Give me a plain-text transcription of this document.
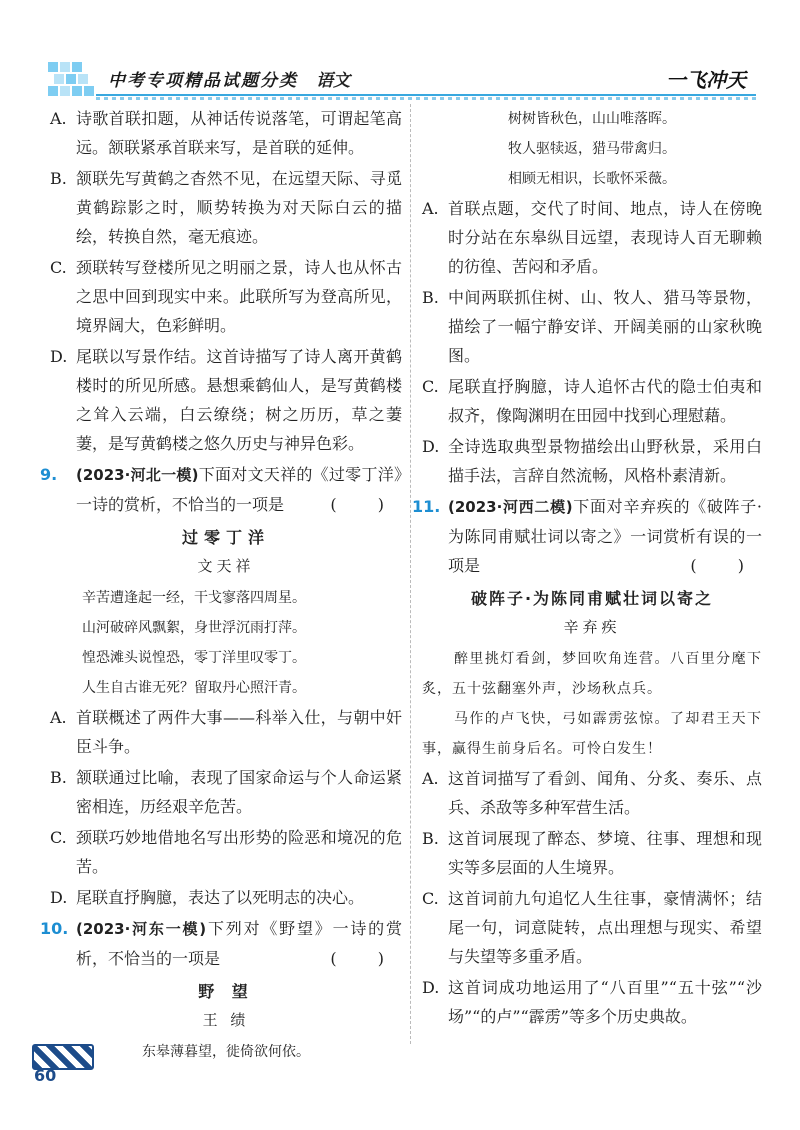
中考专项精品试题分类 语文	一飞冲天
A. 诗歌首联扣题，从神话传说落笔，可谓起笔高远。颔联紧承首联来写，是首联的延伸。
B. 颔联先写黄鹤之杳然不见，在远望天际、寻觅黄鹤踪影之时，顺势转换为对天际白云的描绘，转换自然，毫无痕迹。
C. 颈联转写登楼所见之明丽之景，诗人也从怀古之思中回到现实中来。此联所写为登高所见，境界阔大，色彩鲜明。
D. 尾联以写景作结。这首诗描写了诗人离开黄鹤楼时的所见所感。悬想乘鹤仙人，是写黄鹤楼之耸入云端，白云缭绕；树之历历，草之萋萋，是写黄鹤楼之悠久历史与神异色彩。
9. (2023·河北一模)下面对文天祥的《过零丁洋》一诗的赏析，不恰当的一项是	( )
过零丁洋
文天祥
辛苦遭逢起一经，干戈寥落四周星。
山河破碎风飘絮，身世浮沉雨打萍。
惶恐滩头说惶恐，零丁洋里叹零丁。
人生自古谁无死？留取丹心照汗青。
A. 首联概述了两件大事——科举入仕，与朝中奸臣斗争。
B. 颔联通过比喻，表现了国家命运与个人命运紧密相连，历经艰辛危苦。
C. 颈联巧妙地借地名写出形势的险恶和境况的危苦。
D. 尾联直抒胸臆，表达了以死明志的决心。
10. (2023·河东一模)下列对《野望》一诗的赏析，不恰当的一项是	( )
野 望
王 绩
东皋薄暮望，徙倚欲何依。
树树皆秋色，山山唯落晖。
牧人驱犊返，猎马带禽归。
相顾无相识，长歌怀采薇。
A. 首联点题，交代了时间、地点，诗人在傍晚时分站在东皋纵目远望，表现诗人百无聊赖的彷徨、苦闷和矛盾。
B. 中间两联抓住树、山、牧人、猎马等景物，描绘了一幅宁静安详、开阔美丽的山家秋晚图。
C. 尾联直抒胸臆，诗人追怀古代的隐士伯夷和叔齐，像陶渊明在田园中找到心理慰藉。
D. 全诗选取典型景物描绘出山野秋景，采用白描手法，言辞自然流畅，风格朴素清新。
11. (2023·河西二模)下面对辛弃疾的《破阵子·为陈同甫赋壮词以寄之》一词赏析有误的一项是	( )
破阵子·为陈同甫赋壮词以寄之
辛弃疾
醉里挑灯看剑，梦回吹角连营。八百里分麾下炙，五十弦翻塞外声，沙场秋点兵。
马作的卢飞快，弓如霹雳弦惊。了却君王天下事，赢得生前身后名。可怜白发生！
A. 这首词描写了看剑、闻角、分炙、奏乐、点兵、杀敌等多种军营生活。
B. 这首词展现了醉态、梦境、往事、理想和现实等多层面的人生境界。
C. 这首词前九句追忆人生往事，豪情满怀；结尾一句，词意陡转，点出理想与现实、希望与失望等多重矛盾。
D. 这首词成功地运用了“八百里”“五十弦”“沙场”“的卢”“霹雳”等多个历史典故。
60
